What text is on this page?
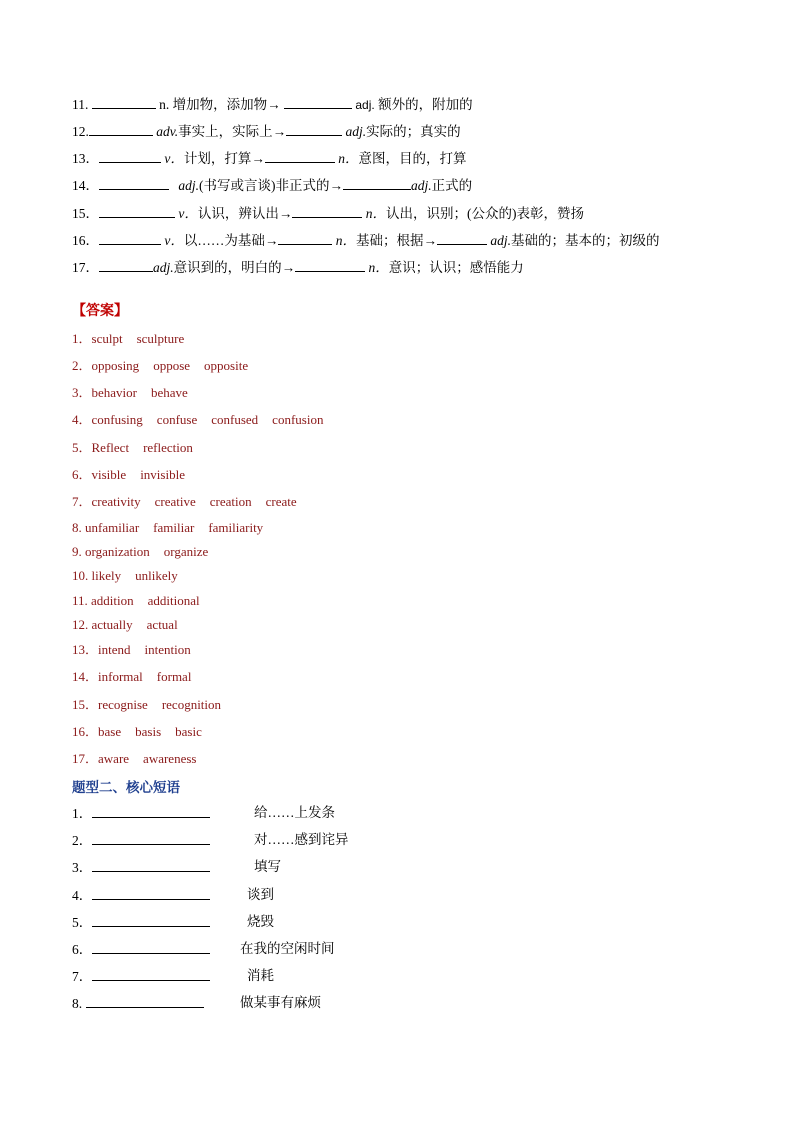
11.	n. 增加物，添加物→	adj. 额外的，附加的
12.	adv.事实上，实际上→	adj.实际的；真实的
13．	v．计划，打算→	n．意图，目的，打算
14．	adj.(书写或言谈)非正式的→	adj.正式的
15．	v．认识，辨认出→	n．认出，识别；(公众的)表彰，赞扬
16．	v．以……为基础→	n．基础；根据→	adj.基础的；基本的；初级的
17．	adj.意识到的，明白的→	n．意识；认识；感悟能力
【答案】
1．sculpt sculpture
2．opposing oppose opposite
3．behavior behave
4．confusing confuse confused confusion
5．Reflect reflection
6．visible invisible
7．creativity creative creation create
8. unfamiliar familiar familiarity
9. organization organize
10. likely unlikely
11. addition additional
12. actually actual
13．intend intention
14．informal formal
15．recognise recognition
16．base basis basic
17．aware awareness
题型二、核心短语
1．	给……上发条
2．	对……感到诧异
3．	填写
4．	谈到
5．	烧毁
6．	在我的空闲时间
7．	消耗
8.	做某事有麻烦
